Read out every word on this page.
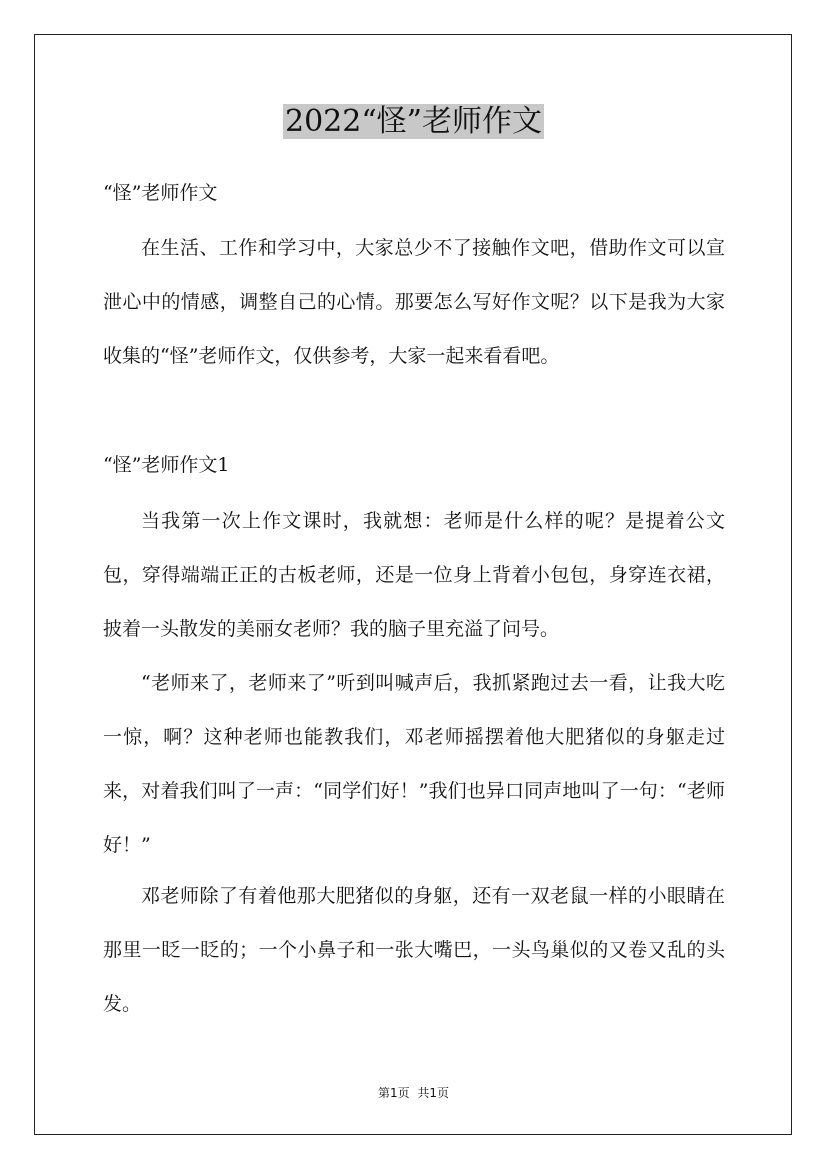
2022“怪”老师作文
“怪”老师作文
在生活、工作和学习中，大家总少不了接触作文吧，借助作文可以宣泄心中的情感，调整自己的心情。那要怎么写好作文呢？以下是我为大家收集的“怪”老师作文，仅供参考，大家一起来看看吧。
“怪”老师作文1
当我第一次上作文课时，我就想：老师是什么样的呢？是提着公文包，穿得端端正正的古板老师，还是一位身上背着小包包，身穿连衣裙，披着一头散发的美丽女老师？我的脑子里充溢了问号。
“老师来了，老师来了”听到叫喊声后，我抓紧跑过去一看，让我大吃一惊，啊？这种老师也能教我们，邓老师摇摆着他大肥猪似的身躯走过来，对着我们叫了一声：“同学们好！”我们也异口同声地叫了一句：“老师好！”
邓老师除了有着他那大肥猪似的身躯，还有一双老鼠一样的小眼睛在那里一眨一眨的；一个小鼻子和一张大嘴巴，一头鸟巢似的又卷又乱的头发。
第1页 共1页
